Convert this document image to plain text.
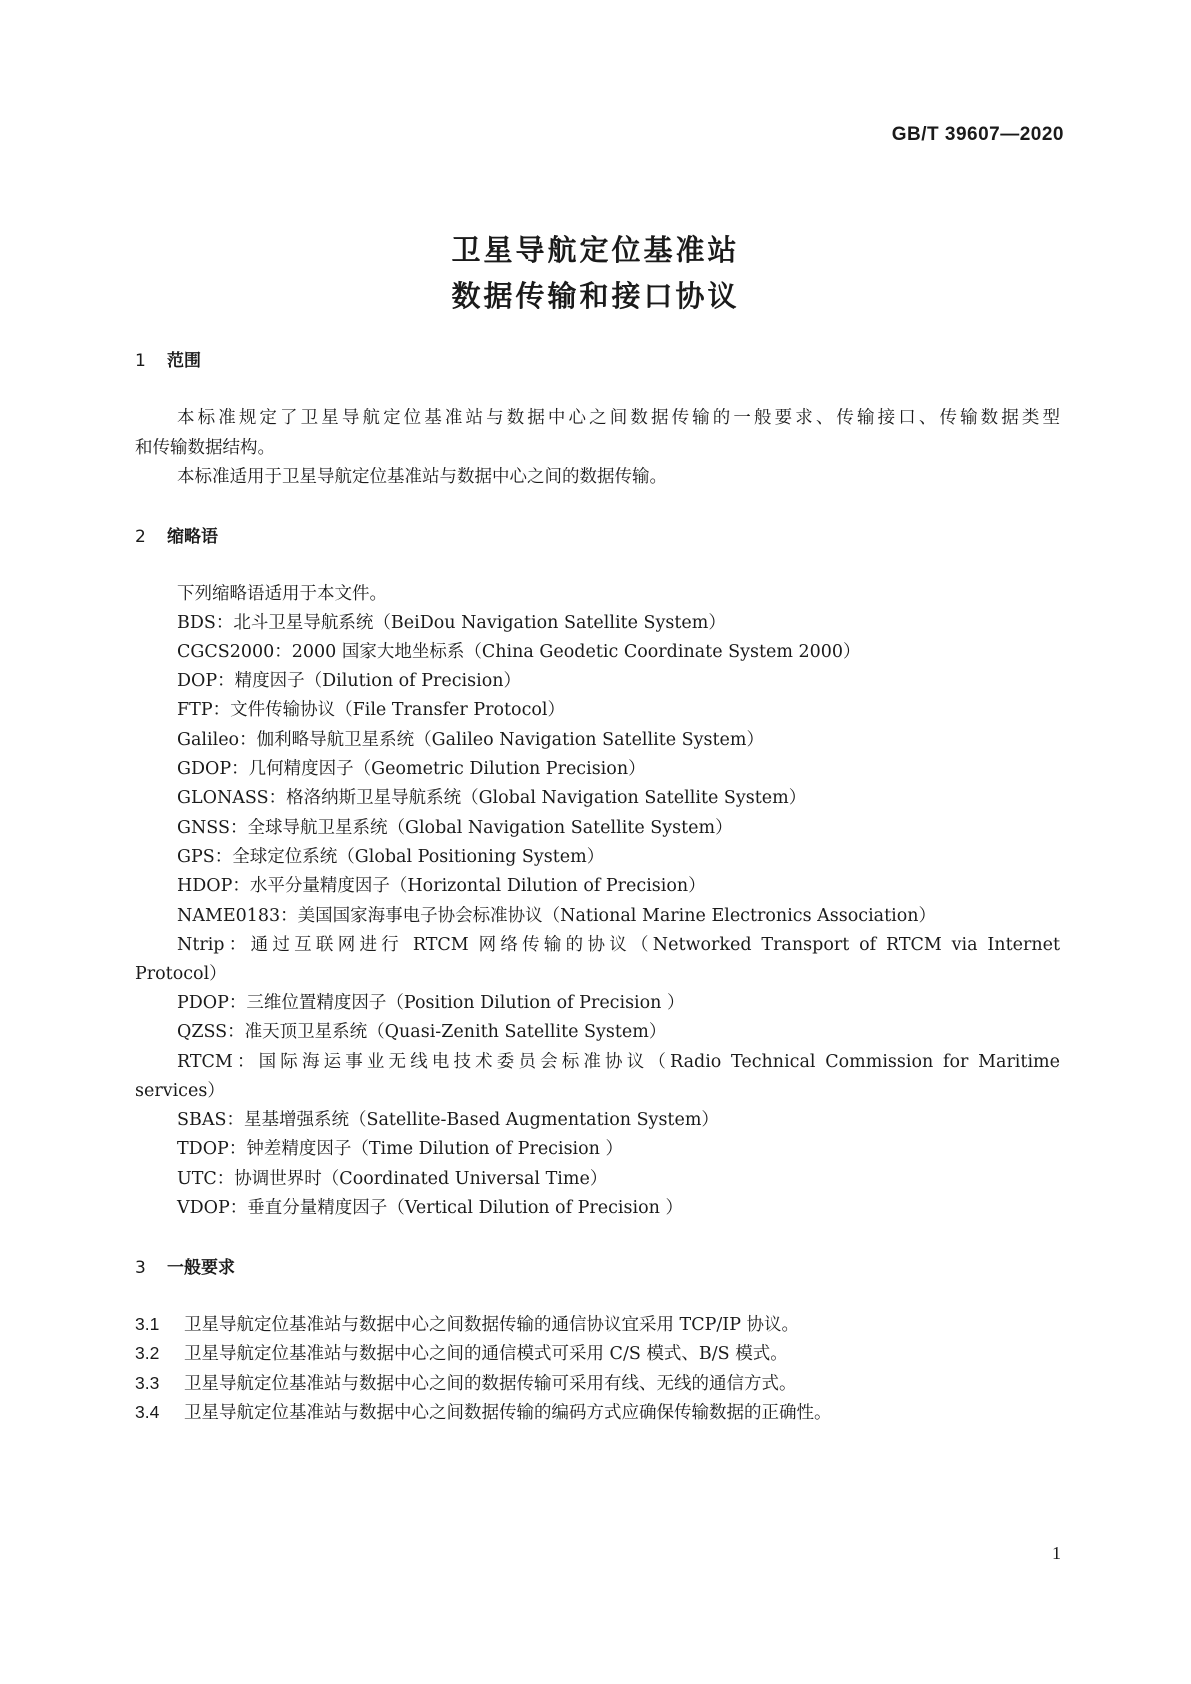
GB/T 39607—2020
卫星导航定位基准站
数据传输和接口协议
1 范围
本标准规定了卫星导航定位基准站与数据中心之间数据传输的一般要求、传输接口、传输数据类型
和传输数据结构。
本标准适用于卫星导航定位基准站与数据中心之间的数据传输。
2 缩略语
下列缩略语适用于本文件。
BDS：北斗卫星导航系统（BeiDou Navigation Satellite System）
CGCS2000：2000 国家大地坐标系（China Geodetic Coordinate System 2000）
DOP：精度因子（Dilution of Precision）
FTP：文件传输协议（File Transfer Protocol）
Galileo：伽利略导航卫星系统（Galileo Navigation Satellite System）
GDOP：几何精度因子（Geometric Dilution Precision）
GLONASS：格洛纳斯卫星导航系统（Global Navigation Satellite System）
GNSS：全球导航卫星系统（Global Navigation Satellite System）
GPS：全球定位系统（Global Positioning System）
HDOP：水平分量精度因子（Horizontal Dilution of Precision）
NAME0183：美国国家海事电子协会标准协议（National Marine Electronics Association）
Ntrip：通过互联网进行 RTCM 网络传输的协议（Networked Transport of RTCM via Internet
Protocol）
PDOP：三维位置精度因子（Position Dilution of Precision ）
QZSS：准天顶卫星系统（Quasi-Zenith Satellite System）
RTCM：国际海运事业无线电技术委员会标准协议（Radio Technical Commission for Maritime
services）
SBAS：星基增强系统（Satellite-Based Augmentation System）
TDOP：钟差精度因子（Time Dilution of Precision ）
UTC：协调世界时（Coordinated Universal Time）
VDOP：垂直分量精度因子（Vertical Dilution of Precision ）
3 一般要求
3.1 卫星导航定位基准站与数据中心之间数据传输的通信协议宜采用 TCP/IP 协议。
3.2 卫星导航定位基准站与数据中心之间的通信模式可采用 C/S 模式、B/S 模式。
3.3 卫星导航定位基准站与数据中心之间的数据传输可采用有线、无线的通信方式。
3.4 卫星导航定位基准站与数据中心之间数据传输的编码方式应确保传输数据的正确性。
1
